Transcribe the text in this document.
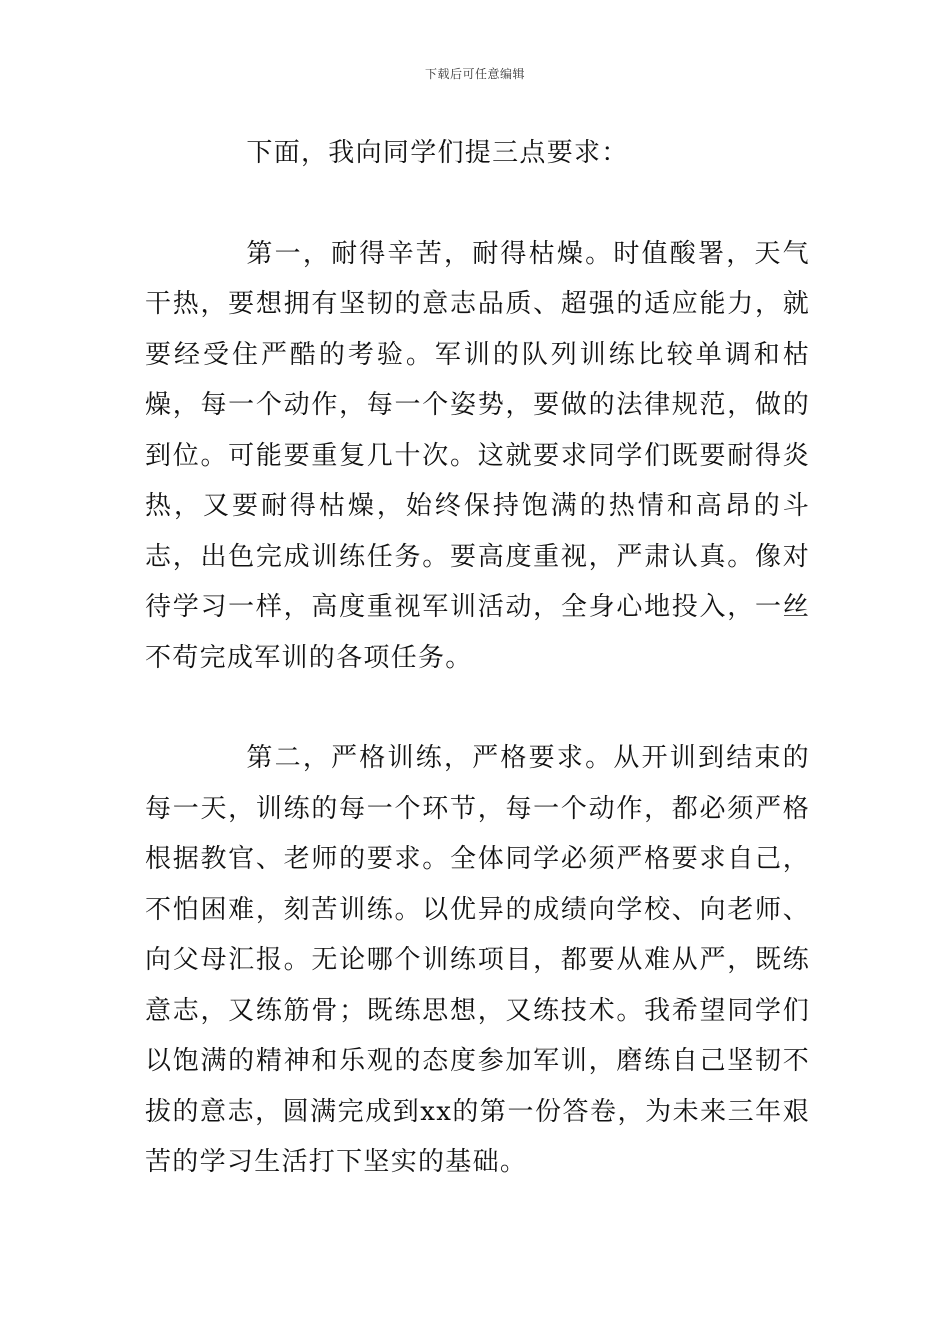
下载后可任意编辑

下面，我向同学们提三点要求：

第一，耐得辛苦，耐得枯燥。时值酸署，天气干热，要想拥有坚韧的意志品质、超强的适应能力，就要经受住严酷的考验。军训的队列训练比较单调和枯燥，每一个动作，每一个姿势，要做的法律规范，做的到位。可能要重复几十次。这就要求同学们既要耐得炎热，又要耐得枯燥，始终保持饱满的热情和高昂的斗志，出色完成训练任务。要高度重视，严肃认真。像对待学习一样，高度重视军训活动，全身心地投入，一丝不苟完成军训的各项任务。

第二，严格训练，严格要求。从开训到结束的每一天，训练的每一个环节，每一个动作，都必须严格根据教官、老师的要求。全体同学必须严格要求自己，不怕困难，刻苦训练。以优异的成绩向学校、向老师、向父母汇报。无论哪个训练项目，都要从难从严，既练意志，又练筋骨；既练思想，又练技术。我希望同学们以饱满的精神和乐观的态度参加军训，磨练自己坚韧不拔的意志，圆满完成到xx的第一份答卷，为未来三年艰苦的学习生活打下坚实的基础。
